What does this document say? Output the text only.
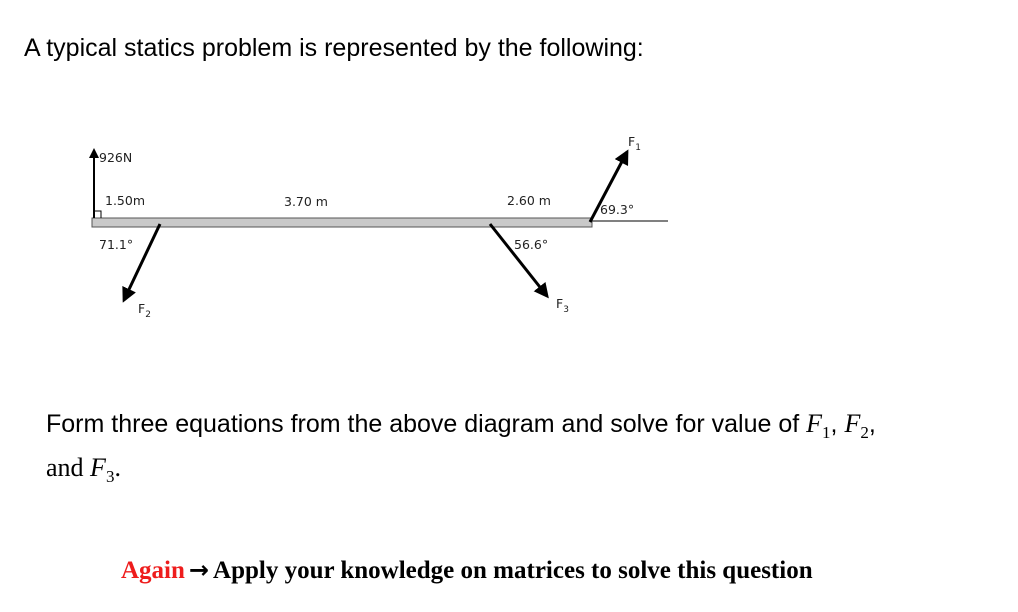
A typical statics problem is represented by the following:
926N
1.50m	3.70 m	2.60 m
69.3°
71.1°	56.6°
$F_1$
$F_2$
$F_3$
Form three equations from the above diagram and solve for value of $F_1$, $F_2$,
and $F_3$.
Again → Apply your knowledge on matrices to solve this question
